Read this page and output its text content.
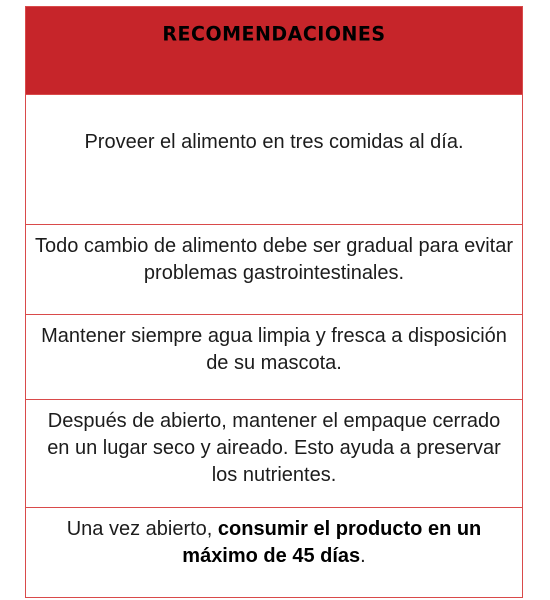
RECOMENDACIONES
Proveer el alimento en tres comidas al día.
Todo cambio de alimento debe ser gradual para evitar problemas gastrointestinales.
Mantener siempre agua limpia y fresca a disposición de su mascota.
Después de abierto, mantener el empaque cerrado en un lugar seco y aireado. Esto ayuda a preservar los nutrientes.
Una vez abierto, consumir el producto en un máximo de 45 días.
